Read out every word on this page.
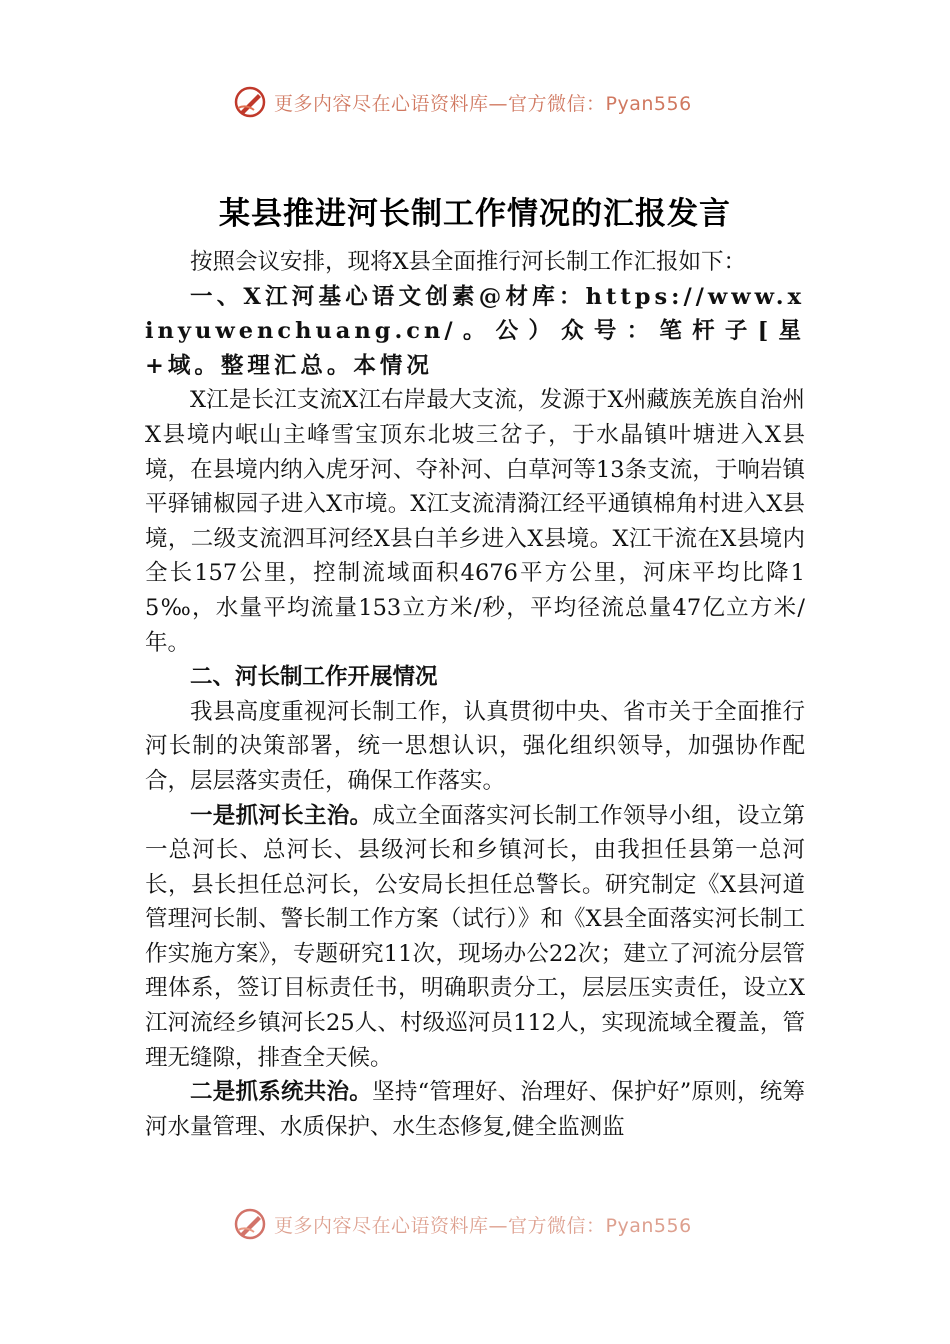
更多内容尽在心语资料库—官方微信：Pyan556
某县推进河长制工作情况的汇报发言

按照会议安排，现将X县全面推行河长制工作汇报如下：

一、X江河基心语文创素@材库：https://www.xinyuwenchuang.cn/。公）众号：笔杆子[星+域。整理汇总。本情况

X江是长江支流X江右岸最大支流，发源于X州藏族羌族自治州X县境内岷山主峰雪宝顶东北坡三岔子，于水晶镇叶塘进入X县境，在县境内纳入虎牙河、夺补河、白草河等13条支流，于响岩镇平驿铺椒园子进入X市境。X江支流清漪江经平通镇棉角村进入X县境，二级支流泗耳河经X县白羊乡进入X县境。X江干流在X县境内全长157公里，控制流域面积4676平方公里，河床平均比降15‰，水量平均流量153立方米/秒，平均径流总量47亿立方米/年。

二、河长制工作开展情况

我县高度重视河长制工作，认真贯彻中央、省市关于全面推行河长制的决策部署，统一思想认识，强化组织领导，加强协作配合，层层落实责任，确保工作落实。

一是抓河长主治。成立全面落实河长制工作领导小组，设立第一总河长、总河长、县级河长和乡镇河长，由我担任县第一总河长，县长担任总河长，公安局长担任总警长。研究制定《X县河道管理河长制、警长制工作方案（试行）》和《X县全面落实河长制工作实施方案》，专题研究11次，现场办公22次；建立了河流分层管理体系，签订目标责任书，明确职责分工，层层压实责任，设立X江河流经乡镇河长25人、村级巡河员112人，实现流域全覆盖，管理无缝隙，排查全天候。

二是抓系统共治。坚持“管理好、治理好、保护好”原则，统筹河水量管理、水质保护、水生态修复,健全监测监

更多内容尽在心语资料库—官方微信：Pyan556
